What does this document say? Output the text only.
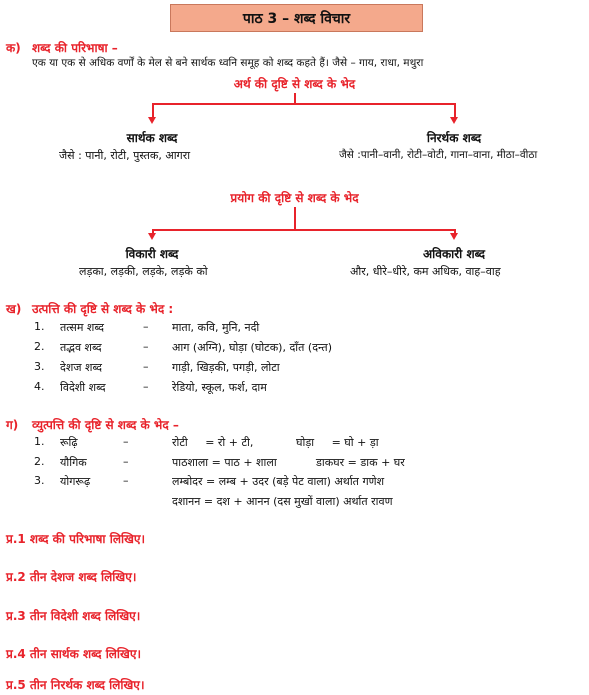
पाठ 3 – शब्द विचार
क) शब्द की परिभाषा –
एक या एक से अधिक वर्णों के मेल से बने सार्थक ध्वनि समूह को शब्द कहते हैं। जैसे – गाय, राधा, मथुरा
अर्थ की दृष्टि से शब्द के भेद
सार्थक शब्द
जैसे : पानी, रोटी, पुस्तक, आगरा
निरर्थक शब्द
जैसे :पानी–वानी, रोटी–वोटी, गाना–वाना, मीठा–वीठा
प्रयोग की दृष्टि से शब्द के भेद
विकारी शब्द
लड़का, लड़की, लड़के, लड़के को
अविकारी शब्द
और, धीरे–धीरे, कम अधिक, वाह–वाह
ख) उत्पत्ति की दृष्टि से शब्द के भेद :
1. तत्सम शब्द	– माता, कवि, मुनि, नदी
2. तद्भव शब्द	– आग (अग्नि), घोड़ा (घोटक), दाँत (दन्त)
3. देशज शब्द	– गाड़ी, खिड़की, पगड़ी, लोटा
4. विदेशी शब्द	– रेडियो, स्कूल, फर्श, दाम
ग) व्युत्पत्ति की दृष्टि से शब्द के भेद –
1. रूढ़ि	–	रोटी     = रो + टी,	घोड़ा     = घो + ड़ा
2. यौगिक	–	पाठशाला = पाठ + शाला	डाकघर = डाक + घर
3. योगरूढ़	–	लम्बोदर = लम्ब + उदर (बड़े पेट वाला) अर्थात गणेश
दशानन = दश + आनन (दस मुखों वाला) अर्थात रावण
प्र.1 शब्द की परिभाषा लिखिए।
प्र.2 तीन देशज शब्द लिखिए।
प्र.3 तीन विदेशी शब्द लिखिए।
प्र.4 तीन सार्थक शब्द लिखिए।
प्र.5 तीन निरर्थक शब्द लिखिए।
